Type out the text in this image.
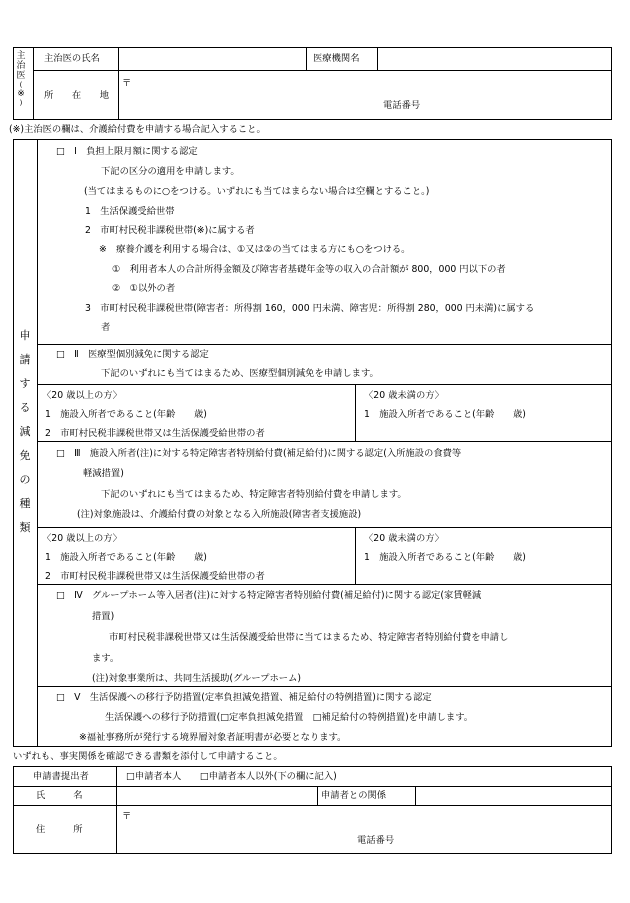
主
治
医
(
※
)
主治医の氏名	医療機関名
所　　在　　地
〒
電話番号
(※)主治医の欄は、介護給付費を申請する場合記入すること。
申
請
す
る
減
免
の
種
類
□　Ⅰ　負担上限月額に関する認定
下記の区分の適用を申請します。
(当てはまるものに○をつける。いずれにも当てはまらない場合は空欄とすること。)
1　生活保護受給世帯
2　市町村民税非課税世帯(※)に属する者
※　療養介護を利用する場合は、①又は②の当てはまる方にも○をつける。
①　利用者本人の合計所得金額及び障害者基礎年金等の収入の合計額が 800，000 円以下の者
②　①以外の者
3　市町村民税非課税世帯(障害者：所得割 160，000 円未満、障害児：所得割 280，000 円未満)に属する
者
□　Ⅱ　医療型個別減免に関する認定
下記のいずれにも当てはまるため、医療型個別減免を申請します。
〈20 歳以上の方〉
1　施設入所者であること(年齢　　歳)
2　市町村民税非課税世帯又は生活保護受給世帯の者
〈20 歳未満の方〉
1　施設入所者であること(年齢　　歳)
□　Ⅲ　施設入所者(注)に対する特定障害者特別給付費(補足給付)に関する認定(入所施設の食費等
軽減措置)
下記のいずれにも当てはまるため、特定障害者特別給付費を申請します。
(注)対象施設は、介護給付費の対象となる入所施設(障害者支援施設)
〈20 歳以上の方〉
1　施設入所者であること(年齢　　歳)
2　市町村民税非課税世帯又は生活保護受給世帯の者
〈20 歳未満の方〉
1　施設入所者であること(年齢　　歳)
□　Ⅳ　グループホーム等入居者(注)に対する特定障害者特別給付費(補足給付)に関する認定(家賃軽減
措置)
市町村民税非課税世帯又は生活保護受給世帯に当てはまるため、特定障害者特別給付費を申請し
ます。
(注)対象事業所は、共同生活援助(グループホーム)
□　Ⅴ　生活保護への移行予防措置(定率負担減免措置、補足給付の特例措置)に関する認定
生活保護への移行予防措置(□定率負担減免措置　□補足給付の特例措置)を申請します。
※福祉事務所が発行する境界層対象者証明書が必要となります。
いずれも、事実関係を確認できる書類を添付して申請すること。
申請書提出者	□申請者本人　　□申請者本人以外(下の欄に記入)
氏　　　名	申請者との関係
住　　　所
〒
電話番号
